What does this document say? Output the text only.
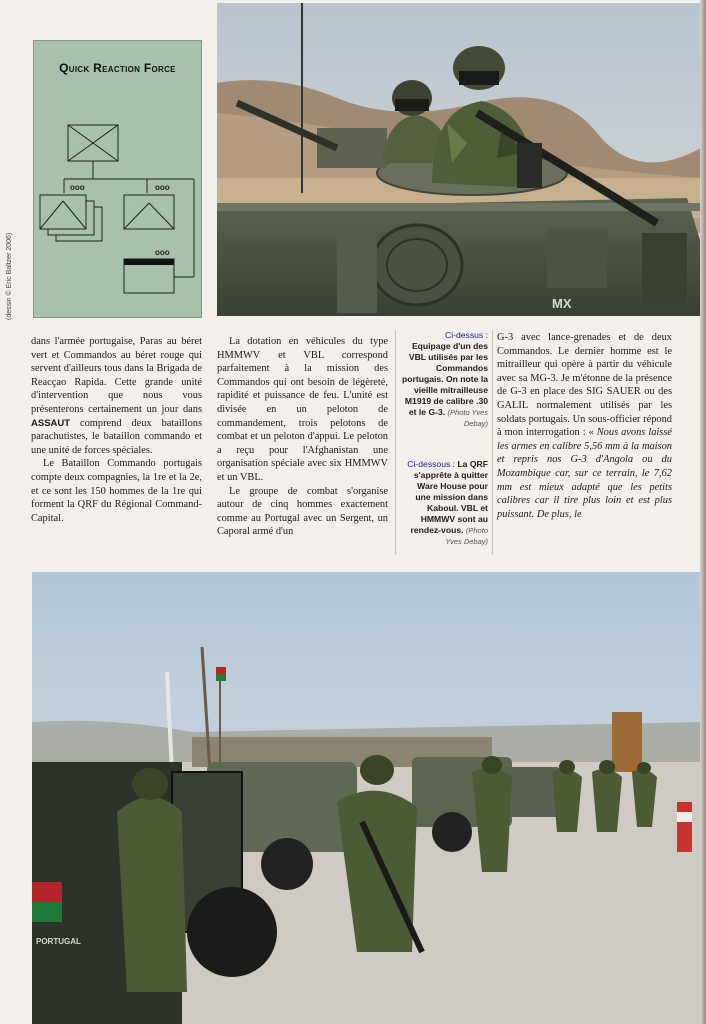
Quick Reaction Force
ooo	ooo
ooo
(dessin © Eric Baltzer 2006)	MX

dans l'armée portugaise, Paras au béret vert et Commandos au béret rouge qui servent d'ailleurs tous dans la Brigada de Reacçao Rapida. Cette grande unité d'intervention que nous vous présenterons certainement un jour dans ASSAUT comprend deux bataillons parachutistes, le bataillon commando et une unité de forces spéciales.

Le Bataillon Commando portugais compte deux compagnies, la 1re et la 2e, et ce sont les 150 hommes de la 1re qui forment la QRF du Régional Command-Capital.

La dotation en véhicules du type HMMWV et VBL correspond parfaitement à la mission des Commandos qui ont besoin de légèreté, rapidité et puissance de feu. L'unité est divisée en un peloton de commandement, trois pelotons de combat et un peloton d'appui. Le peloton a reçu pour l'Afghanistan une organisation spéciale avec six HMMWV et un VBL.

Le groupe de combat s'organise autour de cinq hommes exactement comme au Portugal avec un Sergent, un Caporal armé d'un

Ci-dessus :
Equipage d'un des VBL utilisés par les Commandos portugais. On note la vieille mitrailleuse M1919 de calibre .30 et le G-3. (Photo Yves Debay)
Ci-dessous : La QRF s'apprête à quitter Ware House pour une mission dans Kaboul. VBL et HMMWV sont au rendez-vous. (Photo Yves Debay)

G-3 avec lance-grenades et de deux Commandos. Le dernier homme est le mitrailleur qui opère à partir du véhicule avec sa MG-3. Je m'étonne de la présence de G-3 en place des SIG SAUER ou des GALIL normalement utilisés par les soldats portugais. Un sous-officier répond à mon interrogation : « Nous avons laissé les armes en calibre 5,56 mm à la maison et repris nos G-3 d'Angola ou du Mozambique car, sur ce terrain, le 7,62 mm est mieux adapté que les petits calibres car il tire plus loin et est plus puissant. De plus, le

PORTUGAL
